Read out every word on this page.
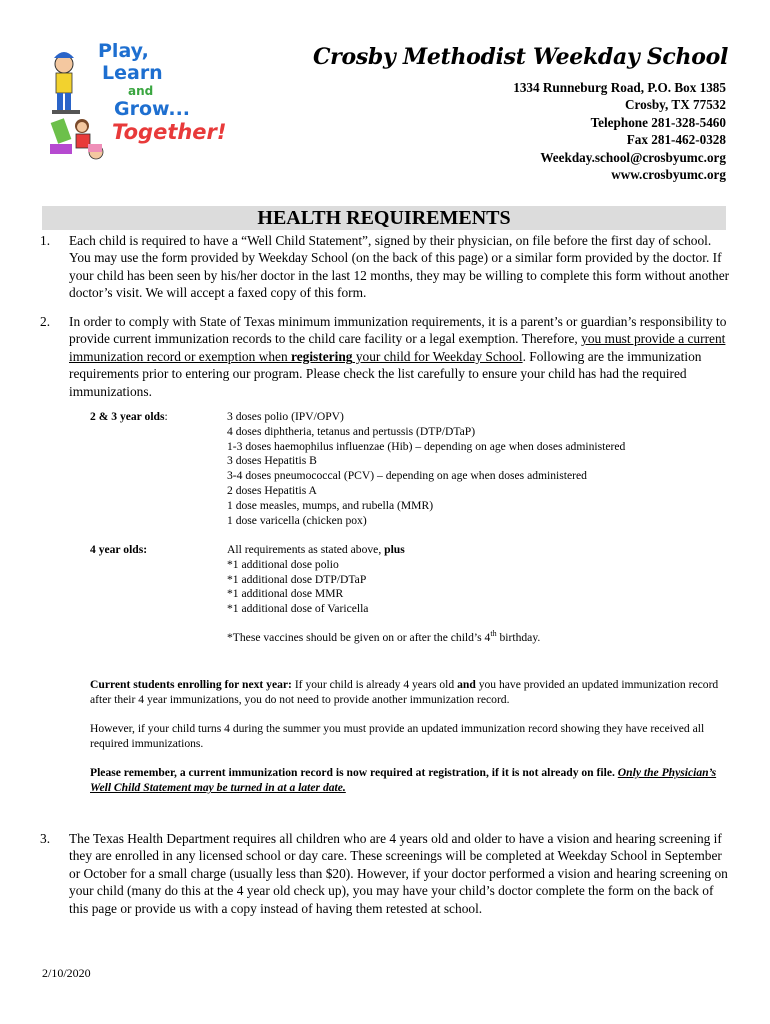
Play,
Learn
and
Grow...
Together!
Crosby Methodist Weekday School
1334 Runneburg Road, P.O. Box 1385
Crosby, TX 77532
Telephone 281-328-5460
Fax 281-462-0328
Weekday.school@crosbyumc.org
www.crosbyumc.org
HEALTH REQUIREMENTS
1. Each child is required to have a “Well Child Statement”, signed by their physician, on file before the first day of school. You may use the form provided by Weekday School (on the back of this page) or a similar form provided by the doctor. If your child has been seen by his/her doctor in the last 12 months, they may be willing to complete this form without another doctor’s visit. We will accept a faxed copy of this form.
2. In order to comply with State of Texas minimum immunization requirements, it is a parent’s or guardian’s responsibility to provide current immunization records to the child care facility or a legal exemption. Therefore, you must provide a current immunization record or exemption when registering your child for Weekday School. Following are the immunization requirements prior to entering our program. Please check the list carefully to ensure your child has had the required immunizations.
2 & 3 year olds:	3 doses polio (IPV/OPV)
4 doses diphtheria, tetanus and pertussis (DTP/DTaP)
1-3 doses haemophilus influenzae (Hib) – depending on age when doses administered
3 doses Hepatitis B
3-4 doses pneumococcal (PCV) – depending on age when doses administered
2 doses Hepatitis A
1 dose measles, mumps, and rubella (MMR)
1 dose varicella (chicken pox)
4 year olds:	All requirements as stated above, plus
*1 additional dose polio
*1 additional dose DTP/DTaP
*1 additional dose MMR
*1 additional dose of Varicella
*These vaccines should be given on or after the child’s 4th birthday.
Current students enrolling for next year: If your child is already 4 years old and you have provided an updated immunization record after their 4 year immunizations, you do not need to provide another immunization record.
However, if your child turns 4 during the summer you must provide an updated immunization record showing they have received all required immunizations.
Please remember, a current immunization record is now required at registration, if it is not already on file. Only the Physician’s Well Child Statement may be turned in at a later date.
3. The Texas Health Department requires all children who are 4 years old and older to have a vision and hearing screening if they are enrolled in any licensed school or day care. These screenings will be completed at Weekday School in September or October for a small charge (usually less than $20). However, if your doctor performed a vision and hearing screening on your child (many do this at the 4 year old check up), you may have your child’s doctor complete the form on the back of this page or provide us with a copy instead of having them retested at school.
2/10/2020
